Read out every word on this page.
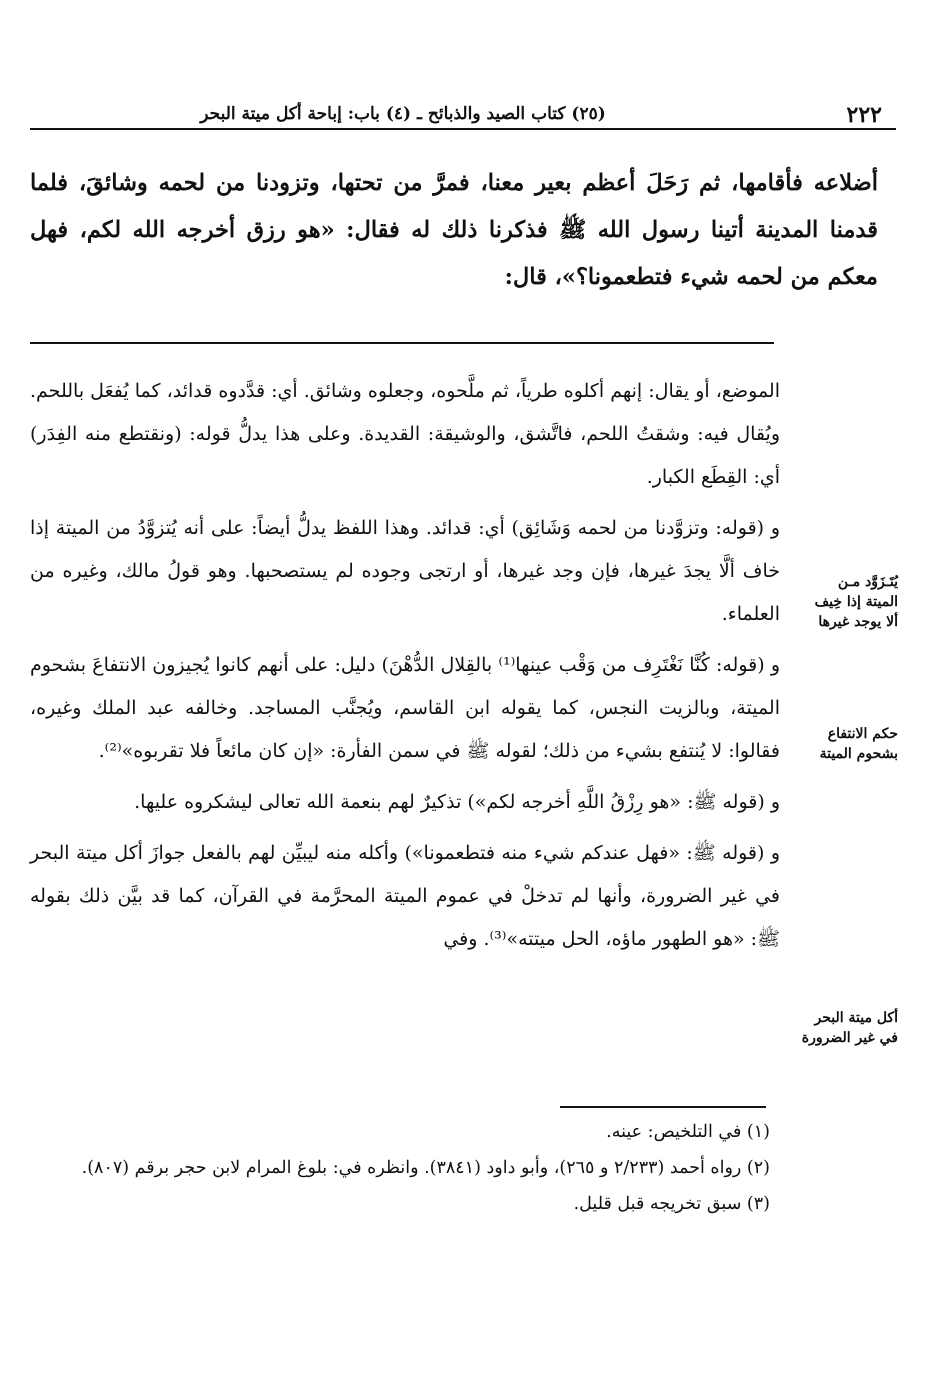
٢٢٢
(٢٥) كتاب الصيد والذبائح ـ (٤) باب: إباحة أكل ميتة البحر
أضلاعه فأقامها، ثم رَحَلَ أعظم بعير معنا، فمرَّ من تحتها، وتزودنا من لحمه وشائقَ، فلما قدمنا المدينة أتينا رسول الله ﷺ فذكرنا ذلك له فقال: «هو رزق أخرجه الله لكم، فهل معكم من لحمه شيء فتطعمونا؟»، قال:

الموضع، أو يقال: إنهم أكلوه طرياً، ثم ملَّحوه، وجعلوه وشائق. أي: قدَّدوه قدائد، كما يُفعَل باللحم. ويُقال فيه: وشقتُ اللحم، فاتَّشق، والوشيقة: القديدة. وعلى هذا يدلُّ قوله: (ونقتطع منه الفِدَر) أي: القِطَع الكبار.

و (قوله: وتزوَّدنا من لحمه وَشَائِق) أي: قدائد. وهذا اللفظ يدلُّ أيضاً: على أنه يُتزوَّدُ من الميتة إذا خاف ألَّا يجدَ غيرها، فإن وجد غيرها، أو ارتجى وجوده لم يستصحبها. وهو قولُ مالك، وغيره من العلماء.

و (قوله: كُنَّا نَغْتَرِف من وَقْب عينها⁽¹⁾ بالقِلال الدُّهْنَ) دليل: على أنهم كانوا يُجيزون الانتفاعَ بشحوم الميتة، وبالزيت النجس، كما يقوله ابن القاسم، ويُجنَّب المساجد. وخالفه عبد الملك وغيره، فقالوا: لا يُنتفع بشيء من ذلك؛ لقوله ﷺ في سمن الفأرة: «إن كان مائعاً فلا تقربوه»⁽²⁾.

و (قوله ﷺ: «هو رِزْقُ اللَّهِ أخرجه لكم») تذكيرٌ لهم بنعمة الله تعالى ليشكروه عليها.

و (قوله ﷺ: «فهل عندكم شيء منه فتطعمونا») وأكله منه ليبيِّن لهم بالفعل جوازَ أكل ميتة البحر في غير الضرورة، وأنها لم تدخلْ في عموم الميتة المحرَّمة في القرآن، كما قد بيَّن ذلك بقوله ﷺ: «هو الطهور ماؤه، الحل ميتته»⁽³⁾. وفي

يُتَـزَوَّد مـن
الميتة إذا خِيف
ألا يوجد غيرها
حكم الانتفاع
بشحوم الميتة
أكل ميتة البحر
في غير الضرورة

(١) في التلخيص: عينه.

(٢) رواه أحمد (٢/٢٣٣ و ٢٦٥)، وأبو داود (٣٨٤١). وانظره في: بلوغ المرام لابن حجر برقم (٨٠٧).

(٣) سبق تخريجه قبل قليل.
